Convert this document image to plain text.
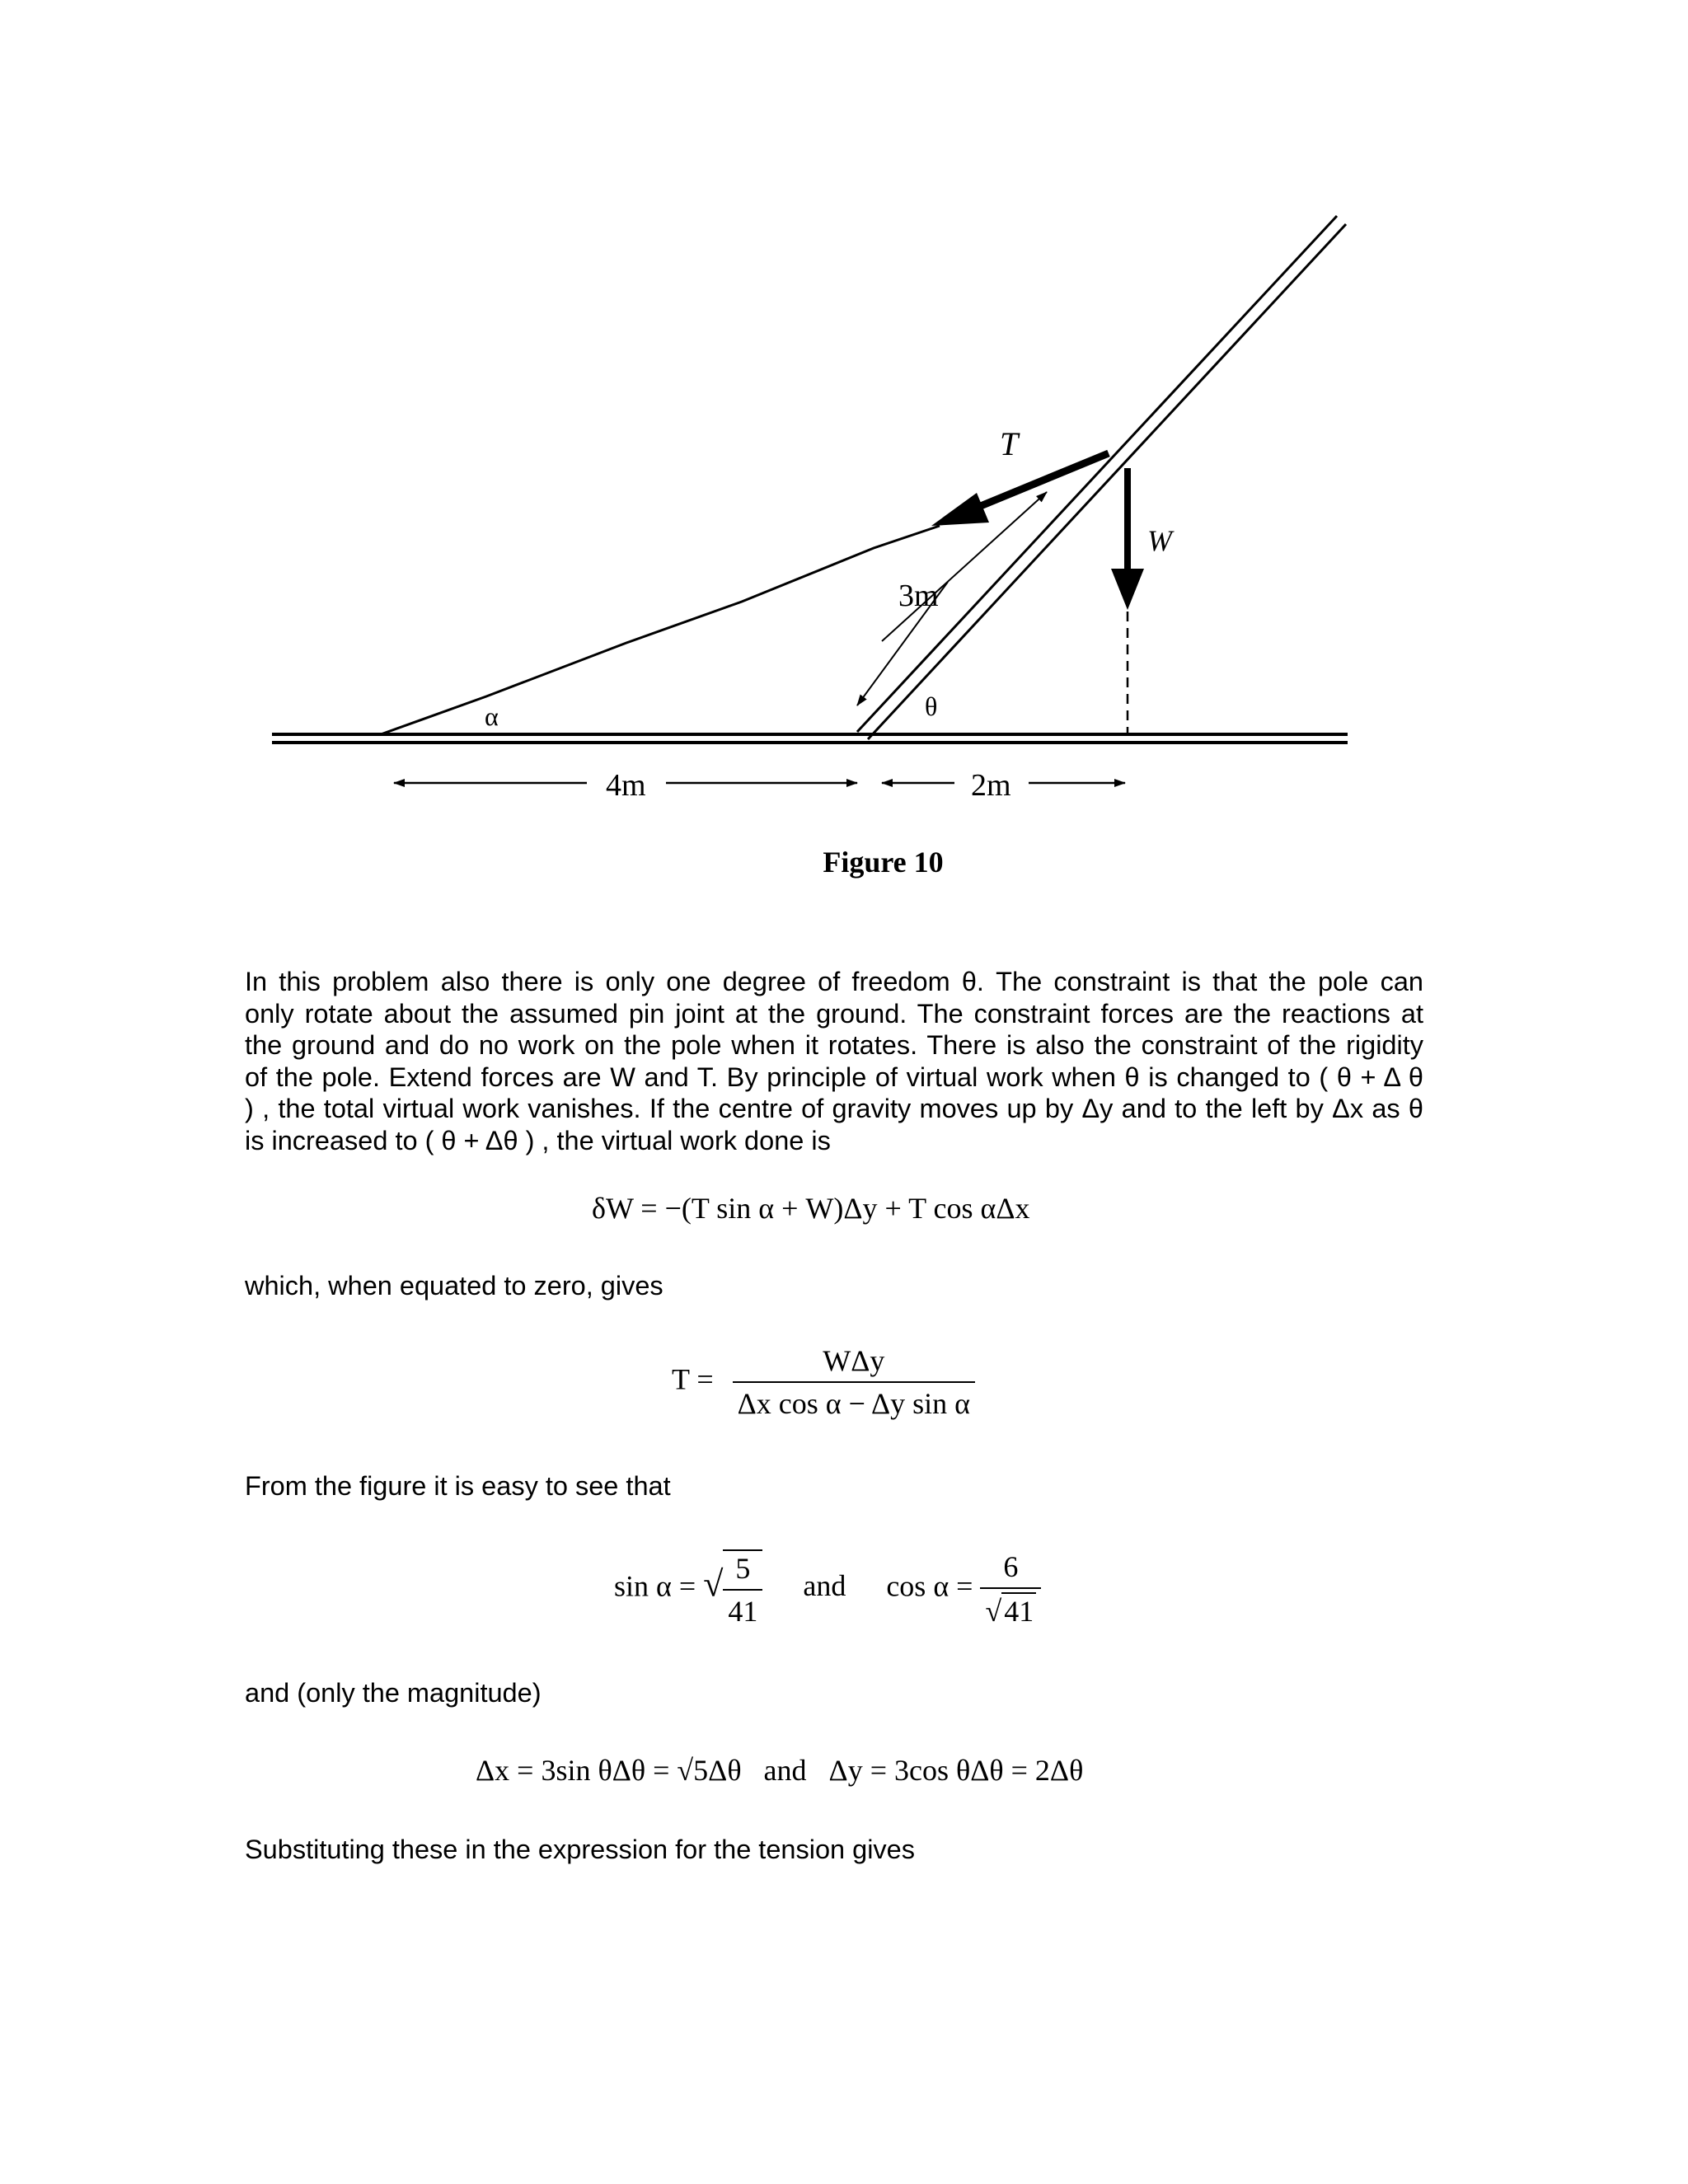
T
W
3m
θ
α
4m	2m
Figure 10
In this problem also there is only one degree of freedom θ. The constraint is that the pole can
only rotate about the assumed pin joint at the ground. The constraint forces are the reactions at
the ground and do no work on the pole when it rotates. There is also the constraint of the rigidity
of the pole. Extend forces are W and T. By principle of virtual work when θ is changed to ( θ + Δ θ
) , the total virtual work vanishes. If the centre of gravity moves up by Δy and to the left by Δx as θ
is increased to ( θ + Δθ ) , the virtual work done is
δW = −(T sin α + W)Δy + T cos αΔx
which, when equated to zero, gives
$T = \frac{\text{WΔy}}{\text{Δx cos α − Δy sin α}}$
From the figure it is easy to see that
sin α = √ $\frac{5}{41}$ and $\cos \alpha = \frac{6}{√41}$
and (only the magnitude)
Δx = 3sin θΔθ = √5Δθ   and   Δy = 3cos θΔθ = 2Δθ
Substituting these in the expression for the tension gives
